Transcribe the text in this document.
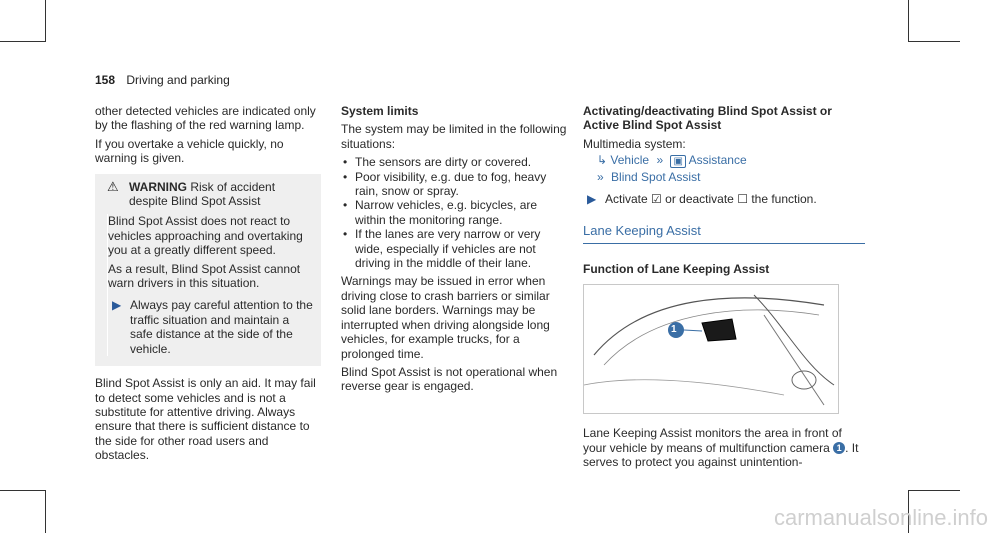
158 Driving and parking

other detected vehicles are indicated only by the flashing of the red warning lamp.

If you overtake a vehicle quickly, no warning is given.

⚠ WARNING Risk of accident despite Blind Spot Assist

Blind Spot Assist does not react to vehicles approaching and overtaking you at a greatly different speed.

As a result, Blind Spot Assist cannot warn drivers in this situation.

▶ Always pay careful attention to the traffic situation and maintain a safe distance at the side of the vehicle.

Blind Spot Assist is only an aid. It may fail to detect some vehicles and is not a substitute for attentive driving. Always ensure that there is sufficient distance to the side for other road users and obstacles.

System limits

The system may be limited in the following situations:

• The sensors are dirty or covered.
• Poor visibility, e.g. due to fog, heavy rain, snow or spray.
• Narrow vehicles, e.g. bicycles, are within the monitoring range.
• If the lanes are very narrow or very wide, especially if vehicles are not driving in the middle of their lane.

Warnings may be issued in error when driving close to crash barriers or similar solid lane borders. Warnings may be interrupted when driving alongside long vehicles, for example trucks, for a prolonged time.

Blind Spot Assist is not operational when reverse gear is engaged.

Activating/deactivating Blind Spot Assist or Active Blind Spot Assist

Multimedia system:

↳ Vehicle » ▣ Assistance
» Blind Spot Assist
▶ Activate ☑ or deactivate ☐ the function.
Lane Keeping Assist

Function of Lane Keeping Assist

1

Lane Keeping Assist monitors the area in front of your vehicle by means of multifunction camera 1 . It serves to protect you against unintention-

carmanualsonline.info
